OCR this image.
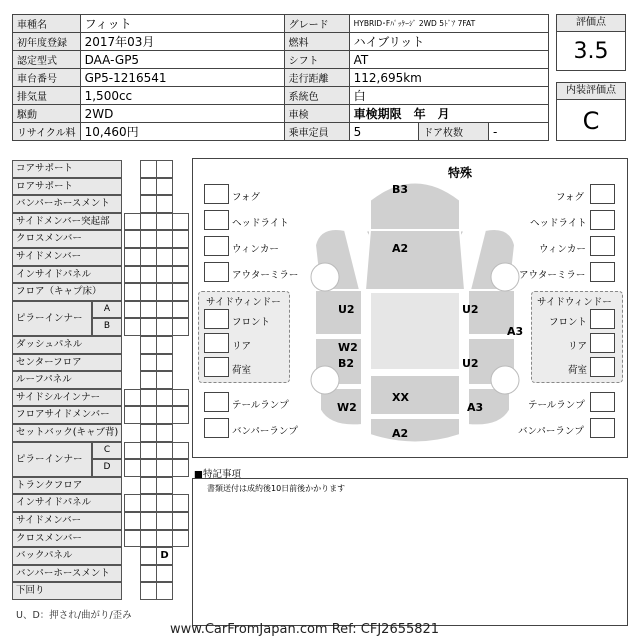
車種名	フィット	グレード	HYBRID･Fﾊﾟｯｹｰｼﾞ 2WD 5ﾄﾞｱ 7FAT		
初年度登録	2017年03月	燃料	ハイブリット		
認定型式	DAA-GP5	シフト	AT		
車台番号	GP5-1216541	走行距離	112,695km		
排気量	1,500cc	系統色	白		
駆動	2WD	車検	車検期限　年　月		
リサイクル料	10,460円	乗車定員	5	ドア枚数	-
評価点
3.5
内装評価点
C
コアサポート
ロアサポート
バンパーホースメント
サイドメンバー突起部
クロスメンバー
サイドメンバー
インサイドパネル
フロア（キャプ床）
ピラーインナー
A
B
ダッシュパネル
センターフロア
ルーフパネル
サイドシルインナー
フロアサイドメンバー
セットバック(キャブ背)
ピラーインナー
C
D
トランクフロア
インサイドパネル
サイドメンバー
クロスメンバー
バックパネル	D
バンパーホースメント
下回り
U、D：押され/曲がり/歪み
特殊
B3
A2
U2	U2
A3
W2
B2	U2
W2
XX
A3
A2
フォグ
ヘッドライト
ウィンカー
アウターミラー
フォグ
ヘッドライト
ウィンカー
アウターミラー
サイドウィンドー
フロント
リア
荷室
サイドウィンドー
フロント
リア
荷室
テールランプ
バンパーランプ
テールランプ
バンパーランプ
■特記事項
書類送付は成約後10日前後かかります
www.CarFromJapan.com Ref: CFJ2655821
